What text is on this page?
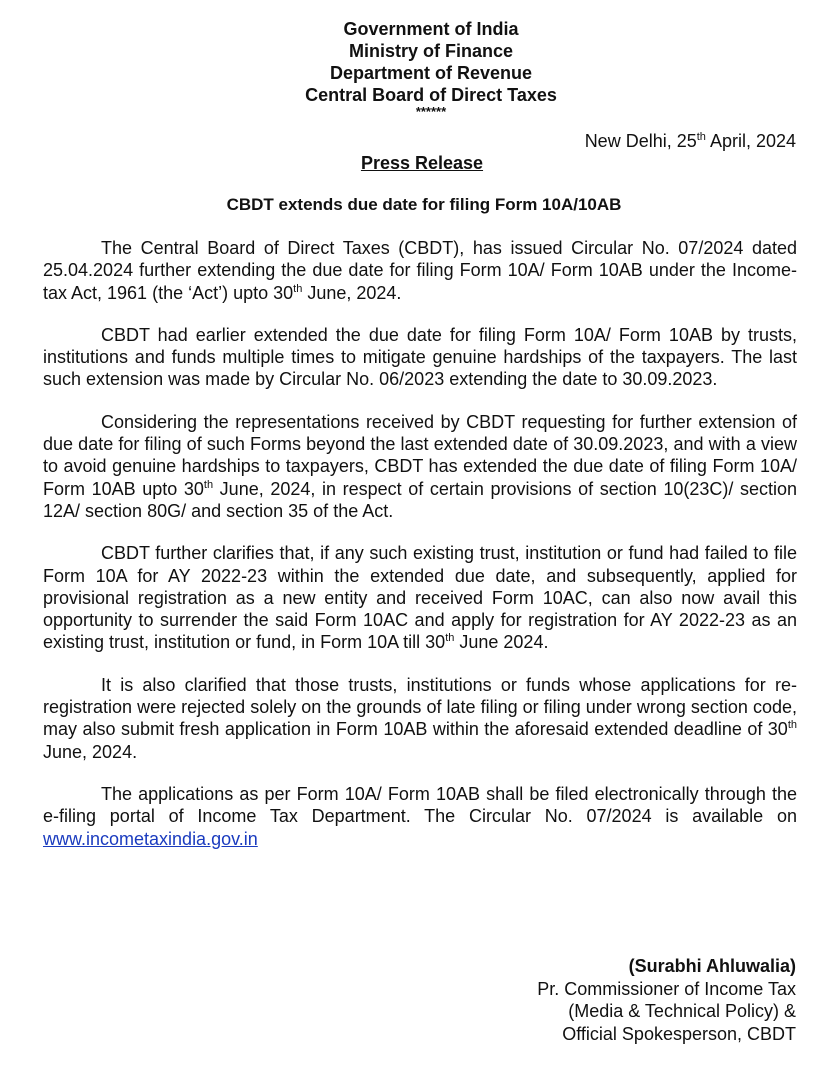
Government of India
Ministry of Finance
Department of Revenue
Central Board of Direct Taxes
******
New Delhi, 25th April, 2024
Press Release
CBDT extends due date for filing Form 10A/10AB

The Central Board of Direct Taxes (CBDT), has issued Circular No. 07/2024 dated 25.04.2024 further extending the due date for filing Form 10A/ Form 10AB under the Income-tax Act, 1961 (the ‘Act’) upto 30th June, 2024.

CBDT had earlier extended the due date for filing Form 10A/ Form 10AB by trusts, institutions and funds multiple times to mitigate genuine hardships of the taxpayers. The last such extension was made by Circular No. 06/2023 extending the date to 30.09.2023.

Considering the representations received by CBDT requesting for further extension of due date for filing of such Forms beyond the last extended date of 30.09.2023, and with a view to avoid genuine hardships to taxpayers, CBDT has extended the due date of filing Form 10A/ Form 10AB upto 30th June, 2024, in respect of certain provisions of section 10(23C)/ section 12A/ section 80G/ and section 35 of the Act.

CBDT further clarifies that, if any such existing trust, institution or fund had failed to file Form 10A for AY 2022-23 within the extended due date, and subsequently, applied for provisional registration as a new entity and received Form 10AC, can also now avail this opportunity to surrender the said Form 10AC and apply for registration for AY 2022-23 as an existing trust, institution or fund, in Form 10A till 30th June 2024.

It is also clarified that those trusts, institutions or funds whose applications for re-registration were rejected solely on the grounds of late filing or filing under wrong section code, may also submit fresh application in Form 10AB within the aforesaid extended deadline of 30th June, 2024.

The applications as per Form 10A/ Form 10AB shall be filed electronically through the e-filing portal of Income Tax Department. The Circular No. 07/2024 is available on www.incometaxindia.gov.in

(Surabhi Ahluwalia)
Pr. Commissioner of Income Tax
(Media & Technical Policy) &
Official Spokesperson, CBDT
